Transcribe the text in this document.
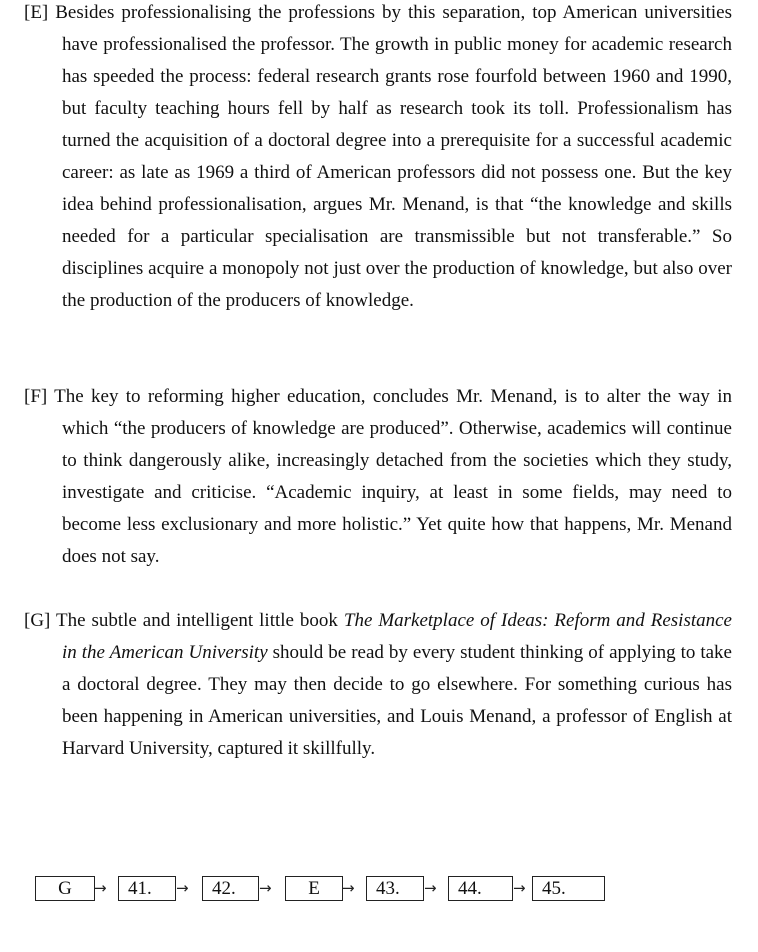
[E] Besides professionalising the professions by this separation, top American universities have professionalised the professor. The growth in public money for academic research has speeded the process: federal research grants rose fourfold between 1960 and 1990, but faculty teaching hours fell by half as research took its toll. Professionalism has turned the acquisition of a doctoral degree into a prerequisite for a successful academic career: as late as 1969 a third of American professors did not possess one. But the key idea behind professionalisation, argues Mr. Menand, is that “the knowledge and skills needed for a particular specialisation are transmissible but not transferable.” So disciplines acquire a monopoly not just over the production of knowledge, but also over the production of the producers of knowledge.

[F] The key to reforming higher education, concludes Mr. Menand, is to alter the way in which “the producers of knowledge are produced”. Otherwise, academics will continue to think dangerously alike, increasingly detached from the societies which they study, investigate and criticise. “Academic inquiry, at least in some fields, may need to become less exclusionary and more holistic.” Yet quite how that happens, Mr. Menand does not say.

[G] The subtle and intelligent little book The Marketplace of Ideas: Reform and Resistance in the American University should be read by every student thinking of applying to take a doctoral degree. They may then decide to go elsewhere. For something curious has been happening in American universities, and Louis Menand, a professor of English at Harvard University, captured it skillfully.

G	→	41.	→	42.	→	E	→	43.	→	44.	→ 45.
